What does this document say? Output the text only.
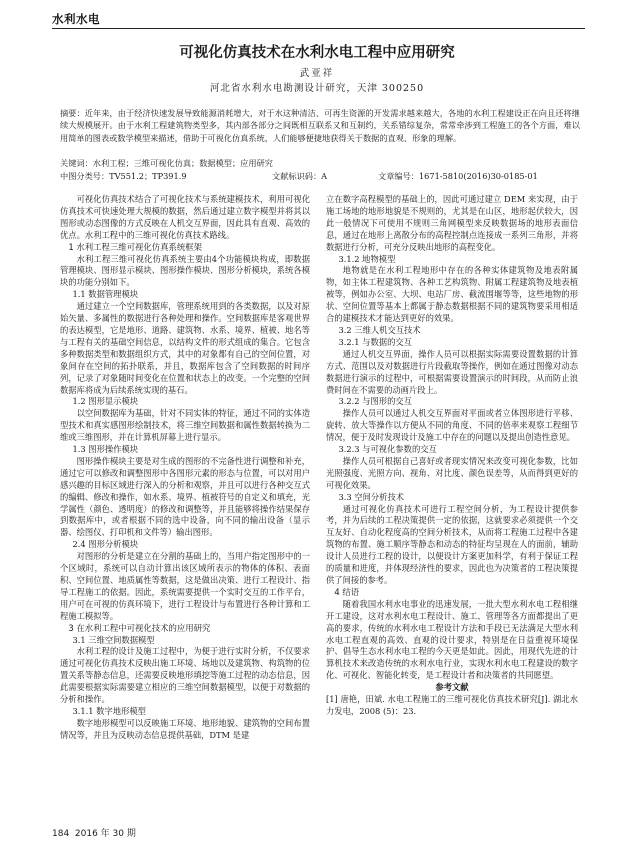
水利水电
可视化仿真技术在水利水电工程中应用研究
武亚祥
河北省水利水电勘测设计研究，天津 300250
摘要：近年来，由于经济快速发展导致能源消耗增大，对于水这种清洁、可再生资源的开发需求越来越大，各地的水利工程建设正在向且还将继续大规模展开。由于水利工程建筑物类型多，其内部各部分之间既相互联系又和互制约，关系错综复杂，常常牵涉到工程施工的各个方面，难以用简单的图表或数学模型来描述，借助于可视化仿真系统，人们能够便捷地获得关于数据的直观、形象的理解。
关键词：水利工程；三维可视化仿真；数据模型；应用研究
中图分类号：TV551.2；TP391.9	文献标识码：A	文章编号：1671-5810(2016)30-0185-01

可视化仿真技术结合了可视化技术与系统建模技术，利用可视化仿真技术可快速处理大规模的数据，然后通过建立数字模型并将其以图形或动态图像的方式反映在人机交互界面，因此具有直观、高效的优点。水利工程中的三维可视化仿真技术路线。

1 水利工程三维可视化仿真系统框架

水利工程三维可视化仿真系统主要由4个功能模块构成，即数据管理模块、图形显示模块、图形操作模块、图形分析模块，系统各模块的功能分别如下。

1.1 数据管理模块

通过建立一个空间数据库，管理系统用到的各类数据，以及对原始矢量、多属性的数据进行各种处理和操作。空间数据库是客观世界的表达模型，它是地形、道路、建筑物、水系、境界、植被、地名等与工程有关的基础空间信息，以结构文件的形式组成的集合。它包含多种数据类型和数据组织方式，其中的对象都有自己的空间位置，对象间存在空间的拓扑联系，并且，数据库包含了空间数据的时间序列，记录了对象随时间变化在位置和状态上的改变。一个完整的空间数据库将成为后续系统实现的基石。

1.2 图形显示模块

以空间数据库为基础，针对不同实体的特征，通过不同的实体造型技术和真实感图形绘制技术，将三维空间数据和属性数据转换为二维或三维图形，并在计算机屏幕上进行显示。

1.3 图形操作模块

图形操作模块主要是对生成的图形的不完备性进行调整和补充，通过它可以修改和调整图形中各图形元素的形态与位置，可以对用户感兴趣的目标区域进行深入的分析和观察，并且可以进行各种交互式的编辑、修改和操作，如水系、境界、植被符号的自定义和填充，光学属性（颜色、透明度）的修改和调整等，并且能够将操作结果保存到数据库中，或者根据不同的选中设备，向不同的输出设备（显示器、绘图仪、打印机和文件等）输出图形。

2.4 图形分析模块

对图形的分析是建立在分割的基础上的，当用户指定图形中的一个区域时，系统可以自动计算出该区域所表示的物体的体积、表面积、空间位置、地质属性等数据，这是做出决策、进行工程设计、指导工程施工的依据。因此，系统需要提供一个实时交互的工作平台，用户可在可视的仿真环境下，进行工程设计与布置进行各种计算和工程施工模拟等。

3 在水利工程中可视化技术的应用研究

3.1 三维空间数据模型

水利工程的设计及施工过程中，为便于进行实时分析，不仅要求通过可视化仿真技术反映出施工环境、场地以及建筑物、构筑物的位置关系等静态信息，还需要反映地形填挖等施工过程的动态信息，因此需要根据实际需要建立相应的三维空间数据模型，以便于对数据的分析和操作。

3.1.1 数字地形模型

数字地形模型可以反映施工环境、地形地貌、建筑物的空间布置情况等，并且为反映动态信息提供基础，DTM 是建

立在数字高程模型的基础上的，因此可通过建立 DEM 来实现，由于施工场地的地形地貌是不规则的，尤其是在山区，地形起伏较大，因此一般情况下可使用不规则三角网模型来反映数据场的地形表面信息，通过在地形上离散分布的高程控制点连接成一系列三角形，并将数据进行分析，可充分反映出地形的高程变化。

3.1.2 地物模型

地物就是在水利工程地形中存在的各种实体建筑物及地表附属物，如主体工程建筑物、各种工艺构筑物、附属工程建筑物及地表植被等，例如办公室、大坝、电站厂房、截流围堰等等，这些地物的形状、空间位置等基本上都属于静态数据根据不同的建筑物要采用相适合的建模技术才能达到更好的效果。

3.2 三维人机交互技术

3.2.1 与数据的交互

通过人机交互界面，操作人员可以根据实际需要设置数据的计算方式、范围以及对数据进行片段截取等操作，例如在通过图像对动态数据进行演示的过程中，可根据需要设置演示的时间段，从而防止浪费时间在不需要的动画片段上。

3.2.2 与图形的交互

操作人员可以通过人机交互界面对平面或者立体图形进行平移、旋转、放大等操作以方便从不同的角度、不同的倍率来观察工程细节情况，便于及时发现设计及施工中存在的问题以及提出创造性意见。

3.2.3 与可视化参数的交互

操作人员可根据自己喜好或者现实情况来改变可视化参数，比如光照强度、光照方向、视角、对比度、颜色误差等，从而得到更好的可视化效果。

3.3 空间分析技术

通过可视化仿真技术可进行工程空间分析，为工程设计提供参考，并为后续的工程决策提供一定的依据，这就要求必须提供一个交互友好、自动化程度高的空间分析技术，从而将工程施工过程中各建筑物的布置、施工顺序等静态和动态的特征均呈现在人的面前，辅助设计人员进行工程的设计，以便设计方案更加科学，有利于保证工程的质量和进度，并体现经济性的要求，因此也为决策者的工程决策提供了间接的参考。

4 结语

随着我国水利水电事业的迅速发展，一批大型水利水电工程相继开工建设，这对水利水电工程设计、施工、管理等各方面都提出了更高的要求，传统的水利水电工程设计方法和手段已无法满足大型水利水电工程直观的高效、直观的设计要求，特别是在日益重视环境保护、倡导生态水利水电工程的今天更是如此。因此，用现代先进的计算机技术来改造传统的水利水电行业，实现水利水电工程建设的数字化、可视化、智能化转变，是工程设计者和决策者的共同愿望。

参考文献

[1] 唐艳，田斌. 水电工程施工的三维可视化仿真技术研究[J]. 湖北水力发电，2008 (5)：23.

184 2016 年 30 期
